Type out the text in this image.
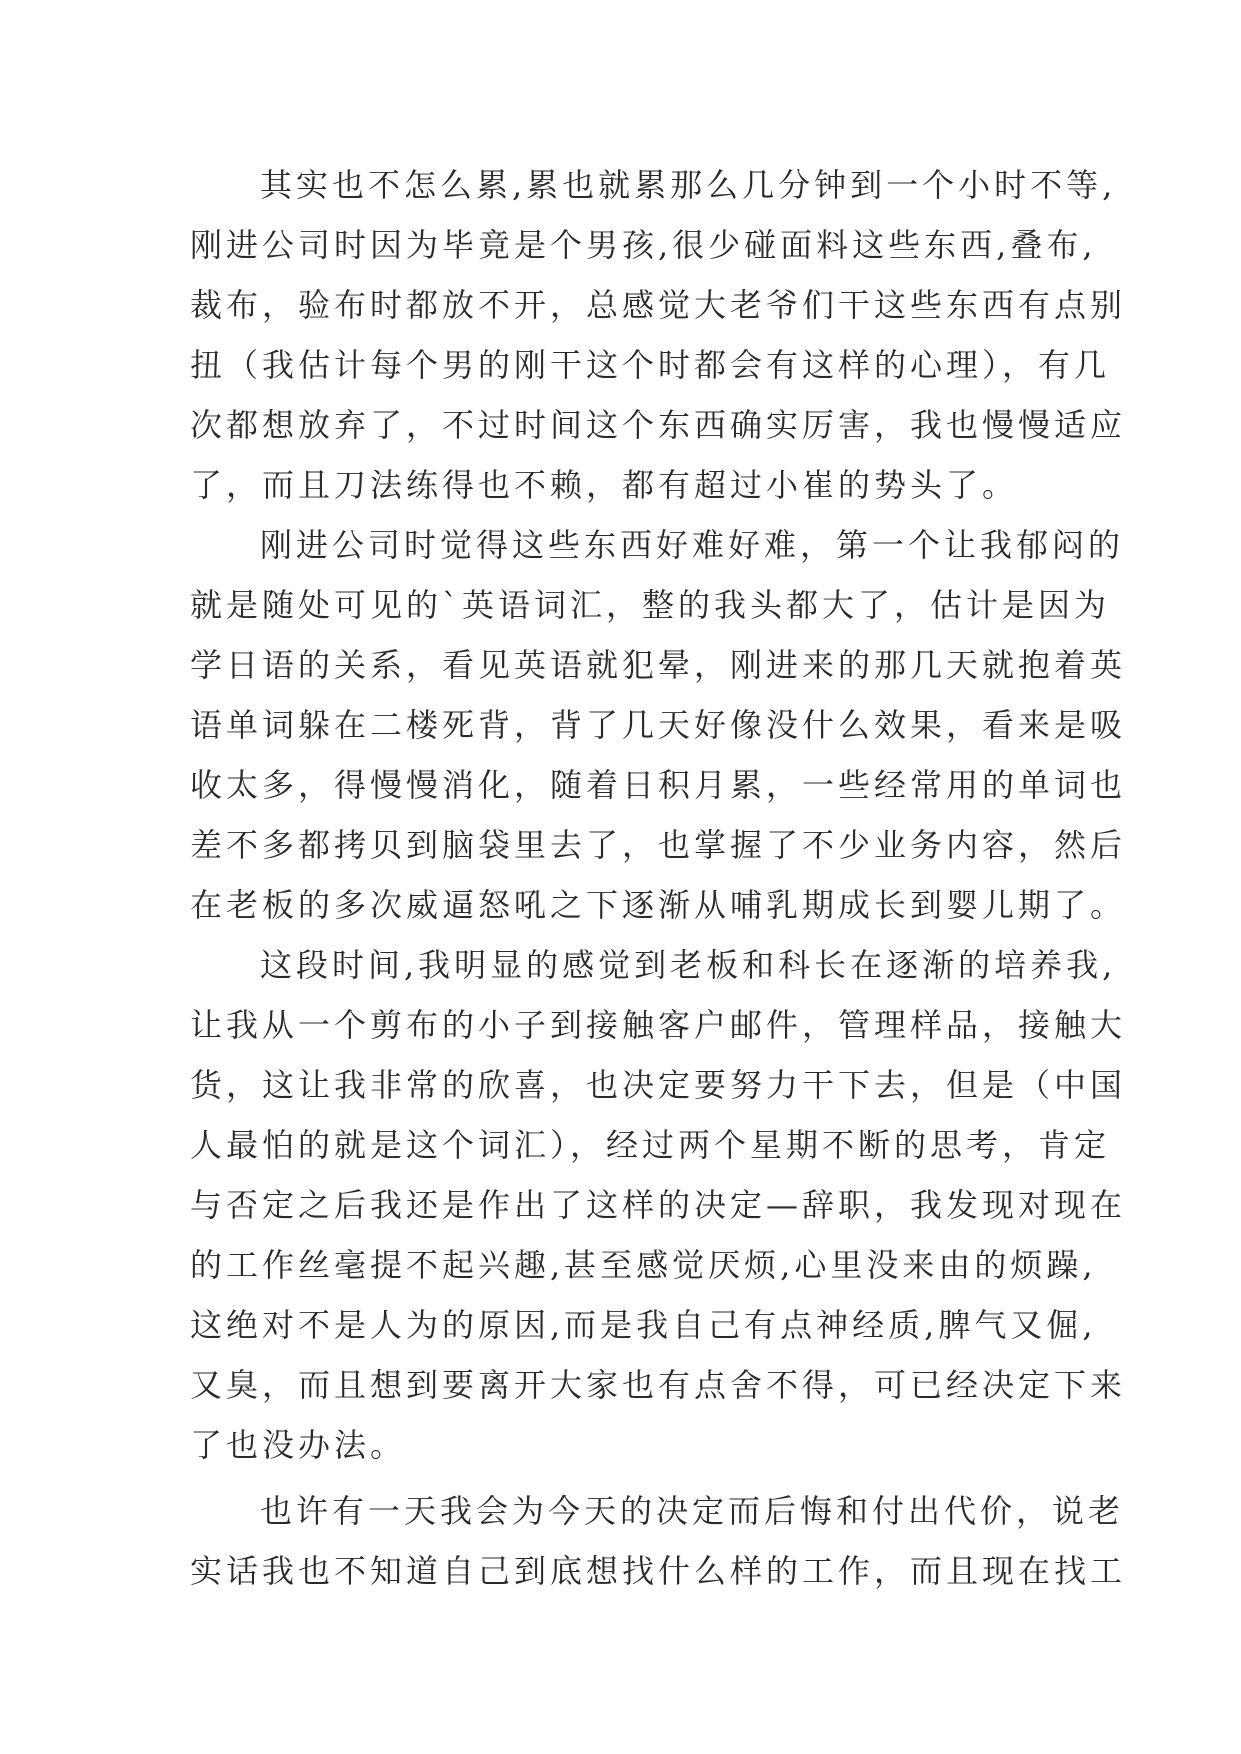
其实也不怎么累,累也就累那么几分钟到一个小时不等,
刚进公司时因为毕竟是个男孩,很少碰面料这些东西,叠布,
裁布，验布时都放不开，总感觉大老爷们干这些东西有点别
扭（我估计每个男的刚干这个时都会有这样的心理），有几
次都想放弃了，不过时间这个东西确实厉害，我也慢慢适应
了，而且刀法练得也不赖，都有超过小崔的势头了。
刚进公司时觉得这些东西好难好难，第一个让我郁闷的
就是随处可见的`英语词汇，整的我头都大了，估计是因为
学日语的关系，看见英语就犯晕，刚进来的那几天就抱着英
语单词躲在二楼死背，背了几天好像没什么效果，看来是吸
收太多，得慢慢消化，随着日积月累，一些经常用的单词也
差不多都拷贝到脑袋里去了，也掌握了不少业务内容，然后
在老板的多次威逼怒吼之下逐渐从哺乳期成长到婴儿期了。
这段时间,我明显的感觉到老板和科长在逐渐的培养我,
让我从一个剪布的小子到接触客户邮件，管理样品，接触大
货，这让我非常的欣喜，也决定要努力干下去，但是（中国
人最怕的就是这个词汇），经过两个星期不断的思考，肯定
与否定之后我还是作出了这样的决定—辞职，我发现对现在
的工作丝毫提不起兴趣,甚至感觉厌烦,心里没来由的烦躁,
这绝对不是人为的原因,而是我自己有点神经质,脾气又倔,
又臭，而且想到要离开大家也有点舍不得，可已经决定下来
了也没办法。
也许有一天我会为今天的决定而后悔和付出代价，说老
实话我也不知道自己到底想找什么样的工作，而且现在找工
